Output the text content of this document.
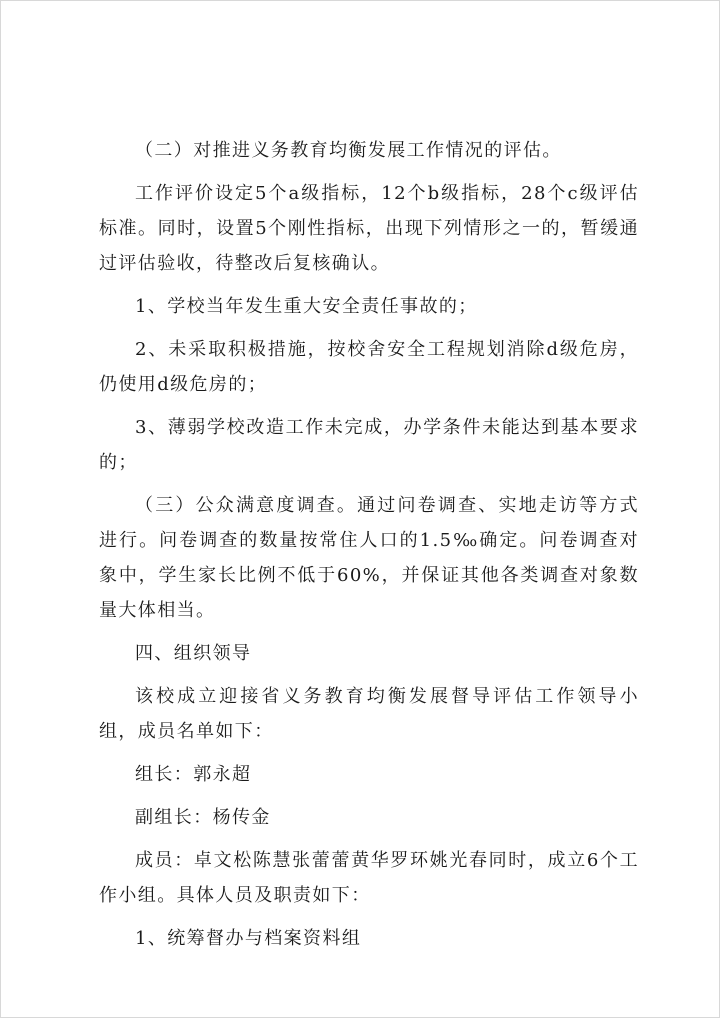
（二）对推进义务教育均衡发展工作情况的评估。

工作评价设定5个a级指标，12个b级指标，28个c级评估标准。同时，设置5个刚性指标，出现下列情形之一的，暂缓通过评估验收，待整改后复核确认。

1、学校当年发生重大安全责任事故的；

2、未采取积极措施，按校舍安全工程规划消除d级危房，仍使用d级危房的；

3、薄弱学校改造工作未完成，办学条件未能达到基本要求的；

（三）公众满意度调查。通过问卷调查、实地走访等方式进行。问卷调查的数量按常住人口的1.5‰确定。问卷调查对象中，学生家长比例不低于60%，并保证其他各类调查对象数量大体相当。

四、组织领导

该校成立迎接省义务教育均衡发展督导评估工作领导小组，成员名单如下：

组长：郭永超

副组长：杨传金

成员：卓文松陈慧张蕾蕾黄华罗环姚光春同时，成立6个工作小组。具体人员及职责如下：

1、统筹督办与档案资料组
